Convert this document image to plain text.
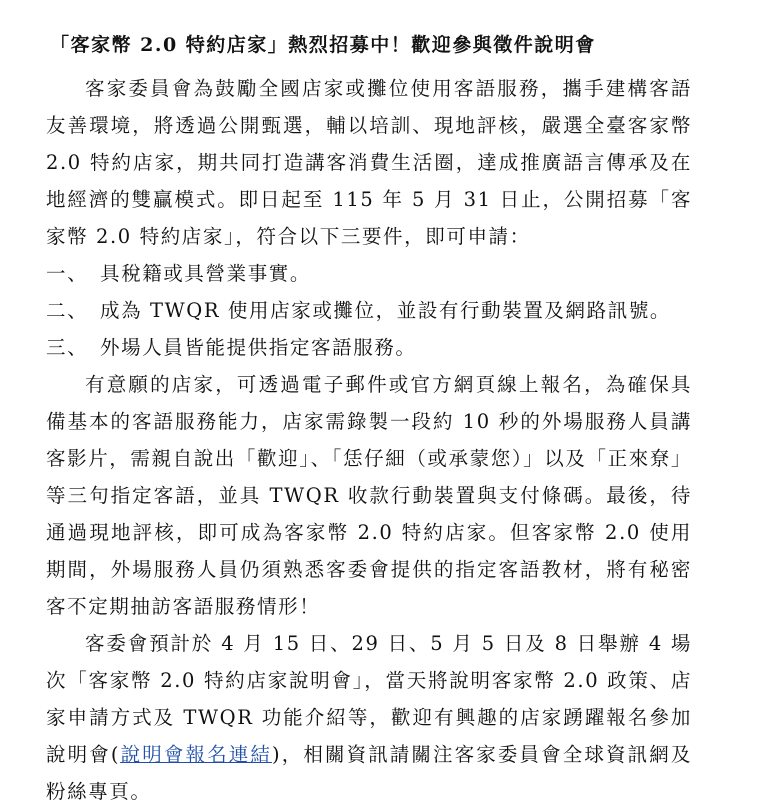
「客家幣 2.0 特約店家」熱烈招募中！歡迎參與徵件說明會

客家委員會為鼓勵全國店家或攤位使用客語服務，攜手建構客語友善環境，將透過公開甄選，輔以培訓、現地評核，嚴選全臺客家幣 2.0 特約店家，期共同打造講客消費生活圈，達成推廣語言傳承及在地經濟的雙贏模式。即日起至 115 年 5 月 31 日止，公開招募「客家幣 2.0 特約店家」，符合以下三要件，即可申請：

一、 具稅籍或具營業事實。
二、 成為 TWQR 使用店家或攤位，並設有行動裝置及網路訊號。
三、 外場人員皆能提供指定客語服務。

有意願的店家，可透過電子郵件或官方網頁線上報名，為確保具備基本的客語服務能力，店家需錄製一段約 10 秒的外場服務人員講客影片，需親自說出「歡迎」、「恁仔細（或承蒙您）」以及「正來尞」等三句指定客語，並具 TWQR 收款行動裝置與支付條碼。最後，待通過現地評核，即可成為客家幣 2.0 特約店家。但客家幣 2.0 使用期間，外場服務人員仍須熟悉客委會提供的指定客語教材，將有秘密客不定期抽訪客語服務情形！

客委會預計於 4 月 15 日、29 日、5 月 5 日及 8 日舉辦 4 場次「客家幣 2.0 特約店家說明會」，當天將說明客家幣 2.0 政策、店家申請方式及 TWQR 功能介紹等，歡迎有興趣的店家踴躍報名參加說明會(說明會報名連結)，相關資訊請關注客家委員會全球資訊網及粉絲專頁。
